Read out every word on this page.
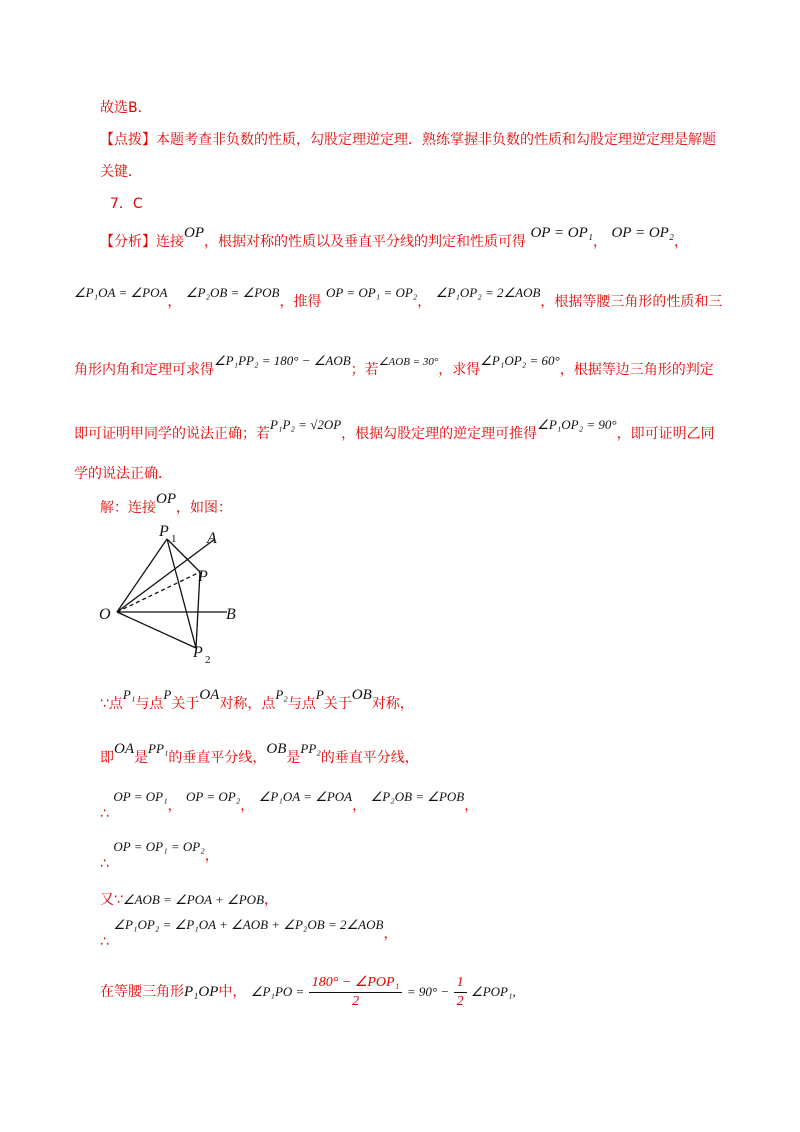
故选B．
【点拨】本题考查非负数的性质，勾股定理逆定理．熟练掌握非负数的性质和勾股定理逆定理是解题
关键．
7．C
【分析】连接OP，根据对称的性质以及垂直平分线的判定和性质可得 OP = OP₁， OP = OP₂，
∠P₁OA = ∠POA， ∠P₂OB = ∠POB，推得 OP = OP₁ = OP₂， ∠P₁OP₂ = 2∠AOB，根据等腰三角形的性质和三
角形内角和定理可求得∠P₁PP₂ = 180° − ∠AOB；若$^{\angle AOB = 30^\circ}$，求得∠P₁OP₂ = 60°，根据等边三角形的判定
即可证明甲同学的说法正确；若P₁P₂ = √2OP，根据勾股定理的逆定理可推得∠P₁OP₂ = 90°，即可证明乙同
学的说法正确．
解：连接OP，如图：
O
A
B
P
P 1
P 2
∵点P₁与点P关于OA对称，点P₂与点P关于OB对称，
即OA是PP₁的垂直平分线，OB是PP₂的垂直平分线，
∴ OP = OP₁， OP = OP₂， ∠P₁OA = ∠POA， ∠P₂OB = ∠POB，
∴ OP = OP₁ = OP₂，
又∵∠AOB = ∠POA + ∠POB，
∴ ∠P₁OP₂ = ∠P₁OA + ∠AOB + ∠P₂OB = 2∠AOB，
在等腰三角形P₁OP中， ∠P₁PO = $\frac{\text{180° − ∠POP₁}}{2} = 90^\circ - \frac{1}{2}$ ∠POP₁,
